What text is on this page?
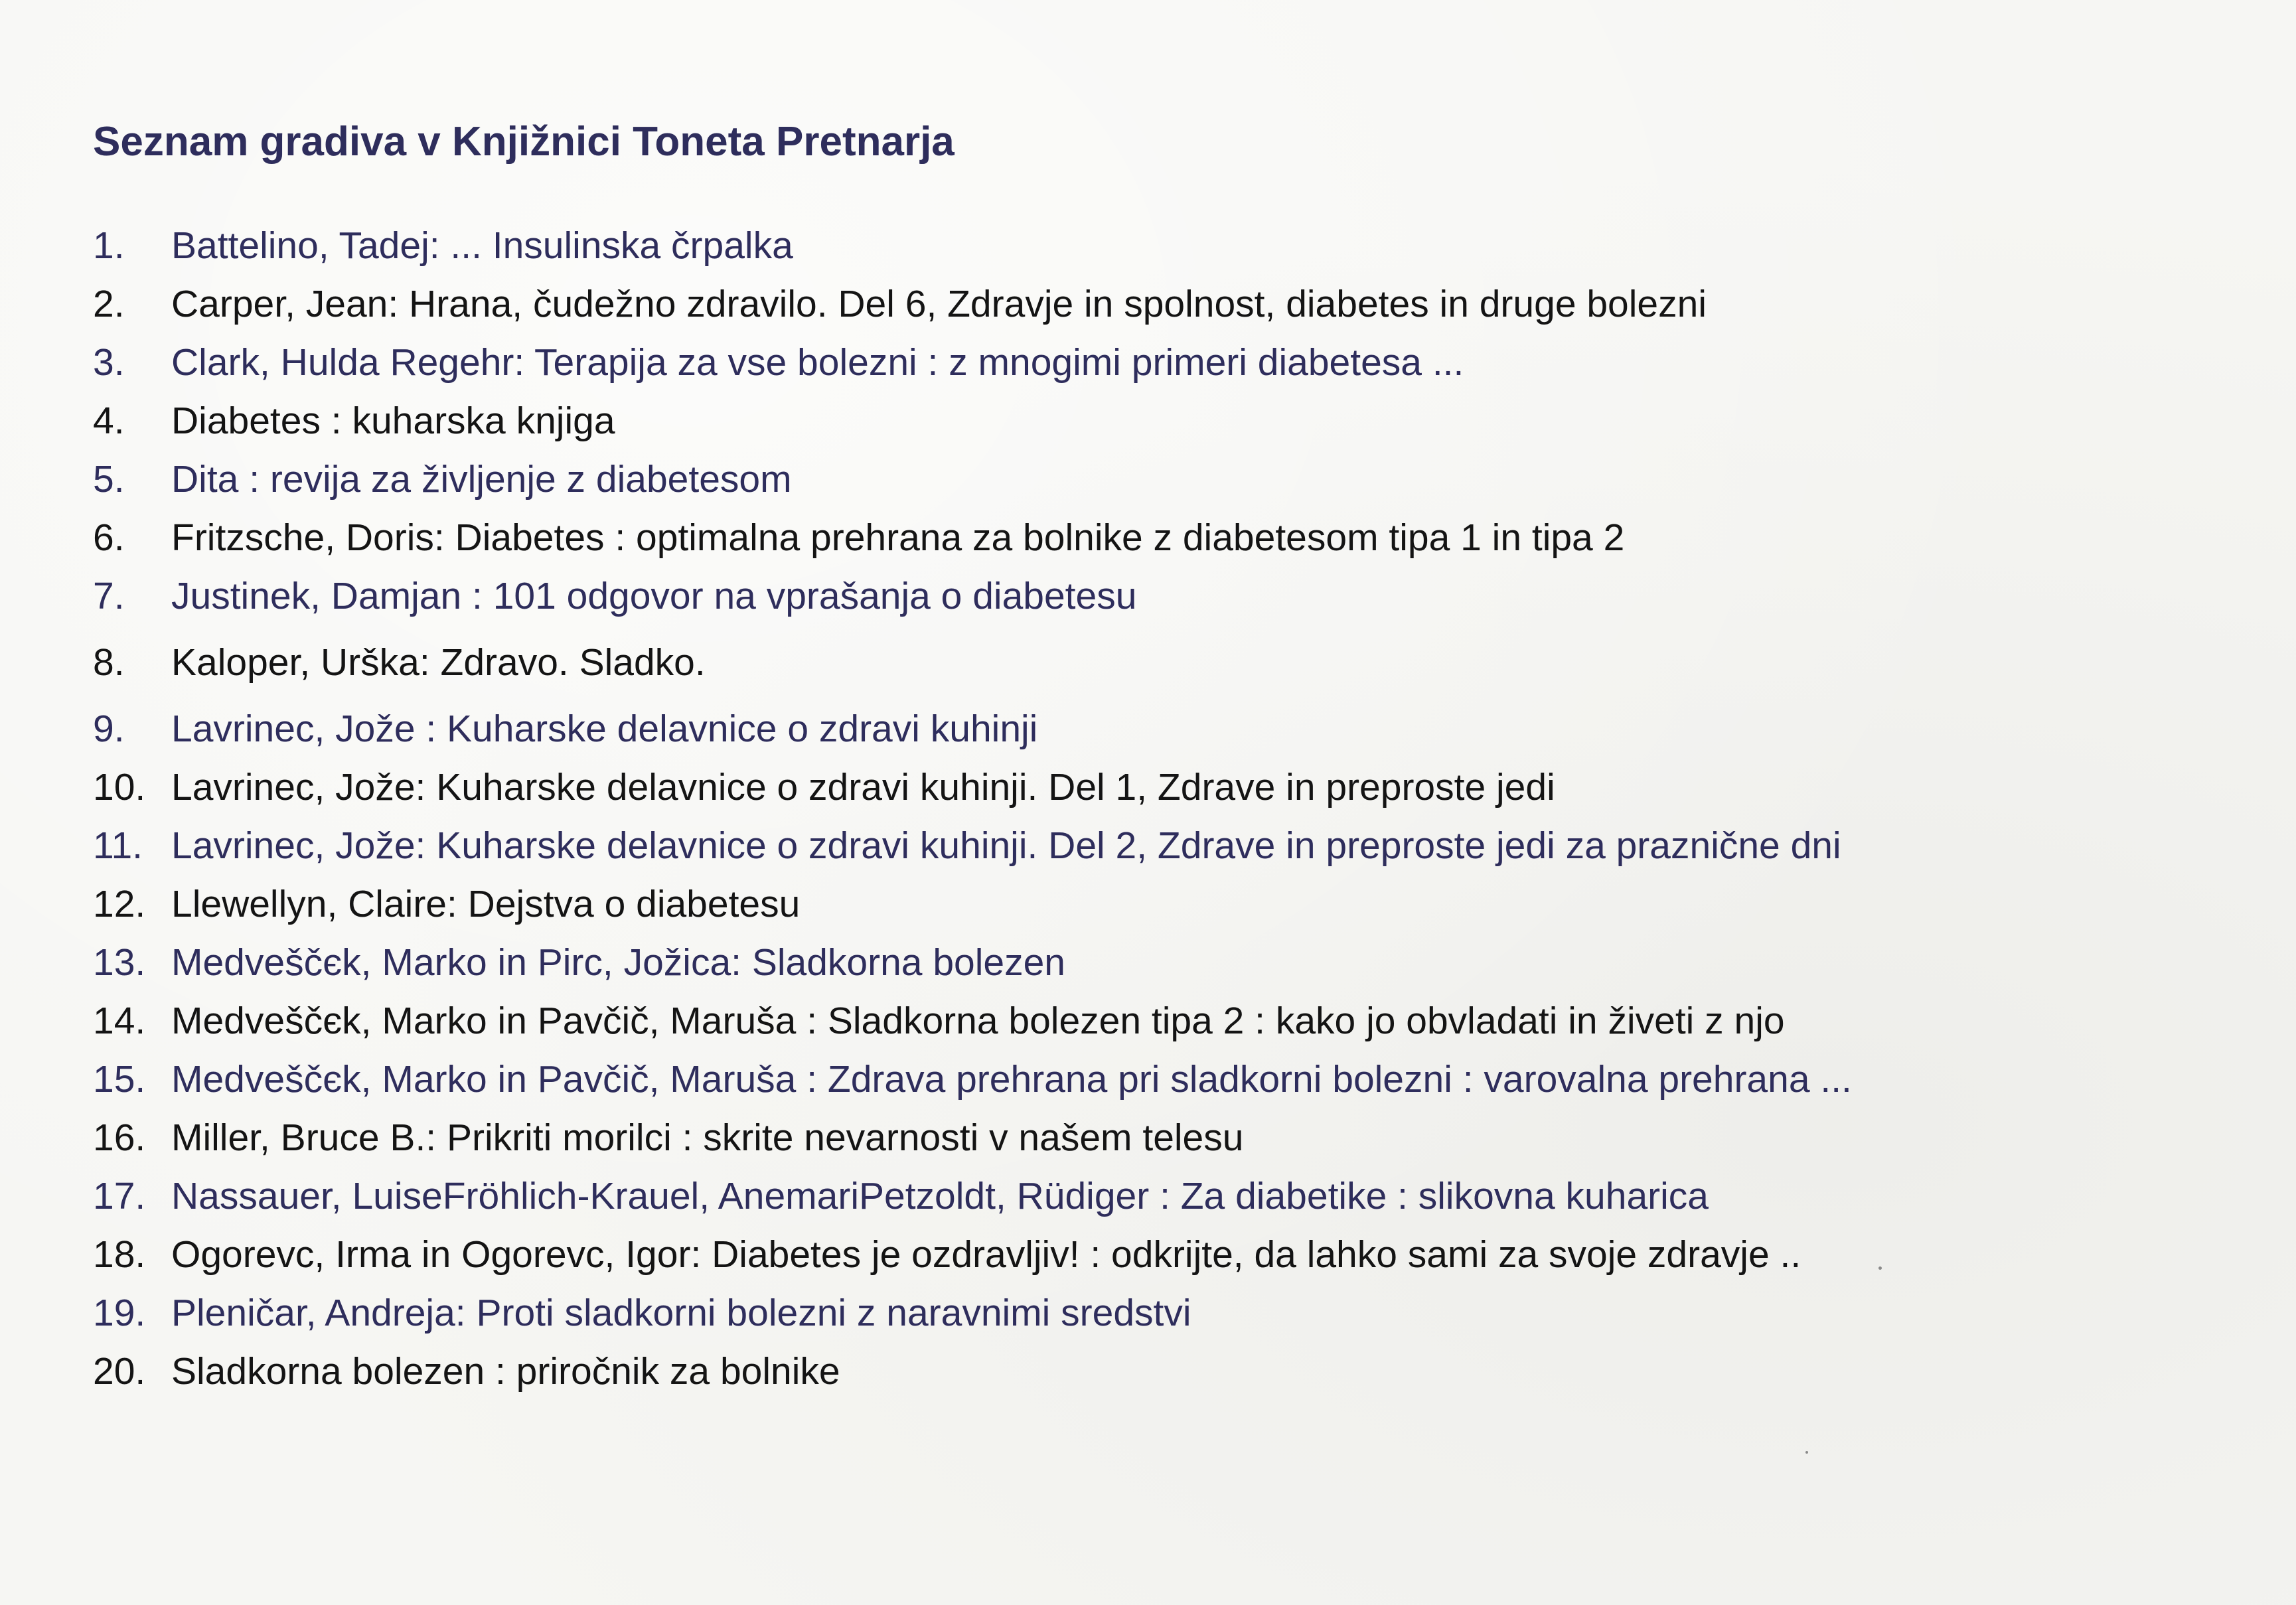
Seznam gradiva v Knjižnici Toneta Pretnarja
1. Battelino, Tadej: ... Insulinska črpalka
2. Carper, Jean: Hrana, čudežno zdravilo. Del 6, Zdravje in spolnost, diabetes in druge bolezni
3. Clark, Hulda Regehr: Terapija za vse bolezni : z mnogimi primeri diabetesa ...
4. Diabetes : kuharska knjiga
5. Dita : revija za življenje z diabetesom
6. Fritzsche, Doris: Diabetes : optimalna prehrana za bolnike z diabetesom tipa 1 in tipa 2
7. Justinek, Damjan : 101 odgovor na vprašanja o diabetesu
8. Kaloper, Urška: Zdravo. Sladko.
9. Lavrinec, Jože : Kuharske delavnice o zdravi kuhinji
10. Lavrinec, Jože: Kuharske delavnice o zdravi kuhinji. Del 1, Zdrave in preproste jedi
11. Lavrinec, Jože: Kuharske delavnice o zdravi kuhinji. Del 2, Zdrave in preproste jedi za praznične dni
12. Llewellyn, Claire: Dejstva o diabetesu
13. Medveščєk, Marko in Pirc, Jožica: Sladkorna bolezen
14. Medveščєk, Marko in Pavčič, Maruša : Sladkorna bolezen tipa 2 : kako jo obvladati in živeti z njo
15. Medveščєk, Marko in Pavčič, Maruša : Zdrava prehrana pri sladkorni bolezni : varovalna prehrana ...
16. Miller, Bruce B.: Prikriti morilci : skrite nevarnosti v našem telesu
17. Nassauer, LuiseFröhlich-Krauel, AnemariPetzoldt, Rüdiger : Za diabetike : slikovna kuharica
18. Ogorevc, Irma in Ogorevc, Igor: Diabetes je ozdravljiv! : odkrijte, da lahko sami za svoje zdravje ..
19. Pleničar, Andreja: Proti sladkorni bolezni z naravnimi sredstvi
20. Sladkorna bolezen : priročnik za bolnike
